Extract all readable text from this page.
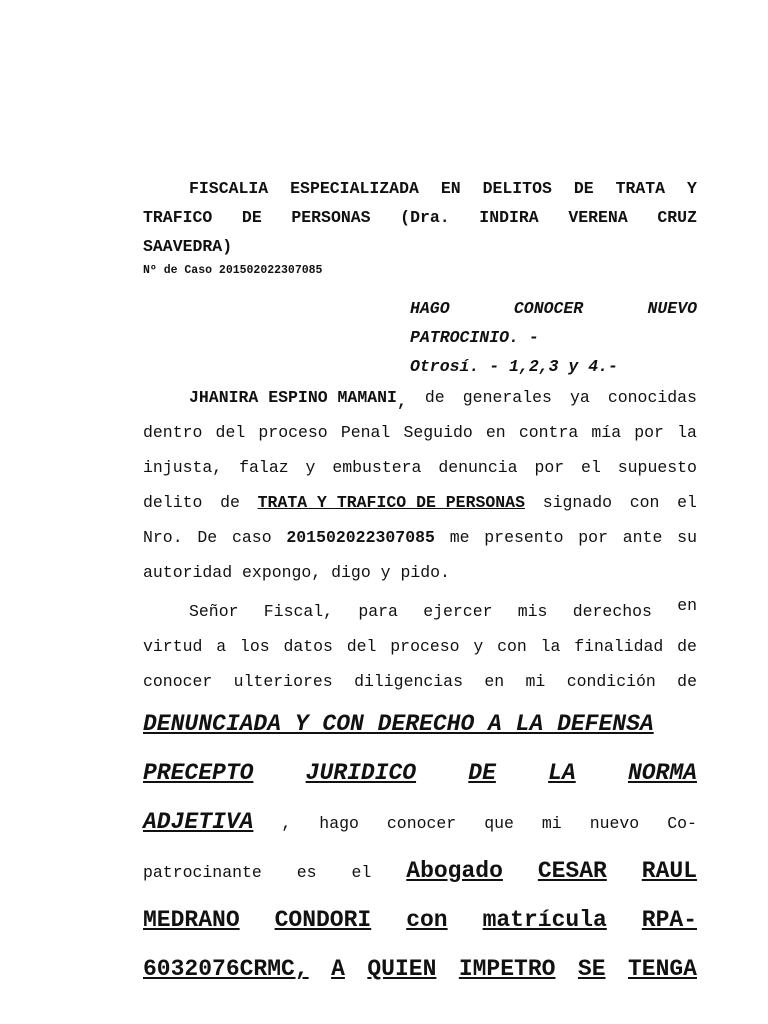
FISCALIA ESPECIALIZADA EN DELITOS DE TRATA Y
TRAFICO DE PERSONAS (Dra. INDIRA VERENA CRUZ
SAAVEDRA)
Nº de Caso 201502022307085
HAGO	CONOCER	NUEVO
PATROCINIO. -
Otrosí. - 1,2,3 y 4.-
JHANIRA ESPINO MAMANI, de generales ya conocidas
dentro del proceso Penal Seguido en contra mía por la
injusta, falaz y embustera denuncia por el supuesto
delito de TRATA Y TRAFICO DE PERSONAS signado con el
Nro. De caso 201502022307085 me presento por ante su
autoridad expongo, digo y pido.
Señor Fiscal, para ejercer mis derechos en
virtud a los datos del proceso y con la finalidad de
conocer ulteriores diligencias en mi condición de
DENUNCIADA Y CON DERECHO A LA DEFENSA
PRECEPTO JURIDICO DE LA NORMA
ADJETIVA , hago conocer que mi nuevo Co-
patrocinante es el Abogado CESAR RAUL
MEDRANO CONDORI con matrícula RPA-
6032076CRMC, A QUIEN IMPETRO SE TENGA
